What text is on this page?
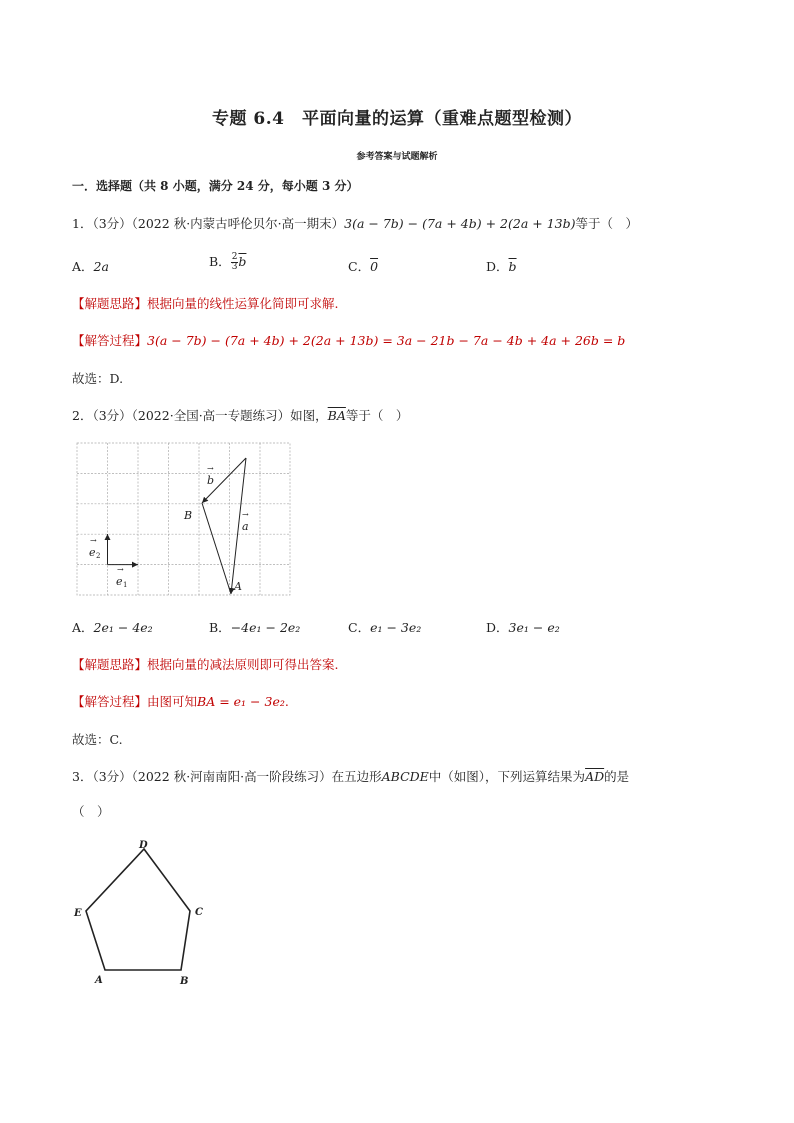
专题 6.4　平面向量的运算（重难点题型检测）
参考答案与试题解析
一．选择题（共 8 小题，满分 24 分，每小题 3 分）
1．（3分）（2022 秋·内蒙古呼伦贝尔·高一期末）3(a − 7b) − (7a + 4b) + 2(2a + 13b)等于（　）
A．2a	B． $\frac{2}{3} \overline{b}$	C．0	D．$\overline{b}$
【解题思路】根据向量的线性运算化简即可求解.
【解答过程】3(a − 7b) − (7a + 4b) + 2(2a + 13b) = 3a − 21b − 7a − 4b + 4a + 26b = b
故选：D.
2．（3分）（2022·全国·高一专题练习）如图，$\overline{BA}$等于（　）
b
→
a
→
B
A
e 2
→
e 1
→
A．2e₁ − 4e₂	B．−4e₁ − 2e₂	C．e₁ − 3e₂	D．3e₁ − e₂
【解题思路】根据向量的减法原则即可得出答案.
【解答过程】由图可知BA = e₁ − 3e₂.
故选：C.
3．（3分）（2022 秋·河南南阳·高一阶段练习）在五边形ABCDE中（如图），下列运算结果为$\overline{AD}$的是
（　）
D
C
E
A	B
